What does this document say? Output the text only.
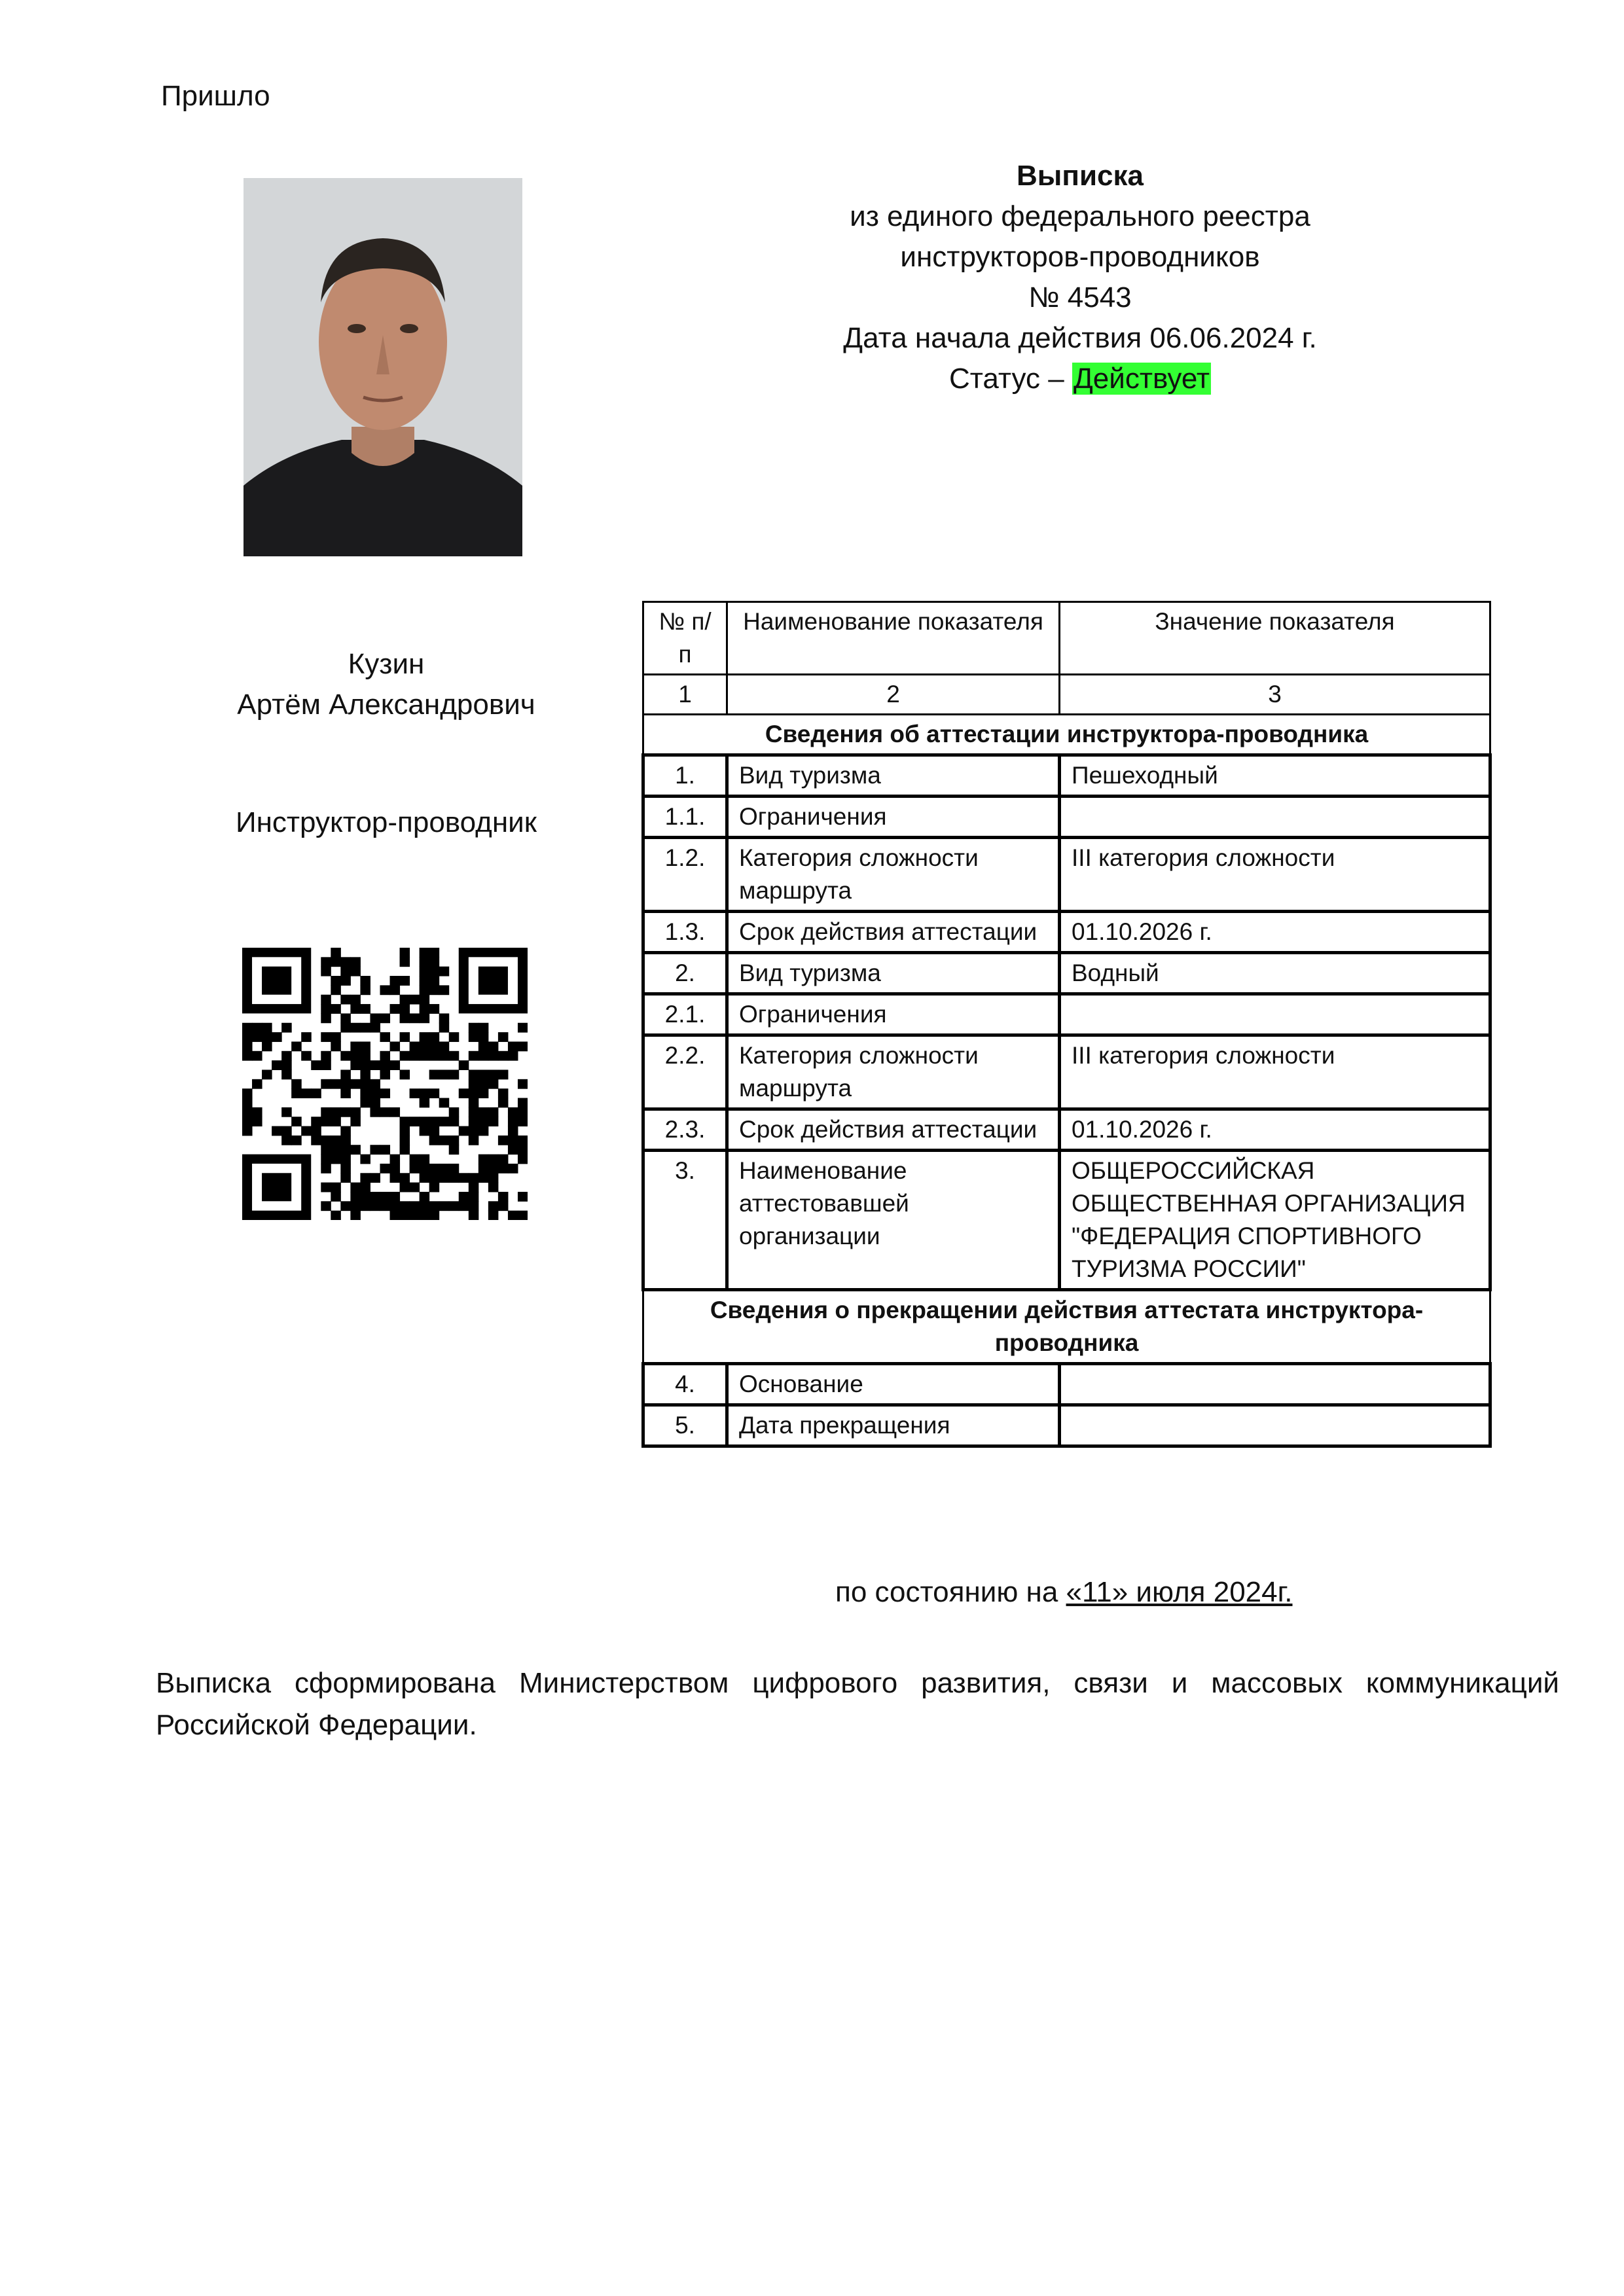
Пришло
Выписка
из единого федерального реестра
инструкторов-проводников
№ 4543
Дата начала действия 06.06.2024 г.
Статус – Действует
Кузин
Артём Александрович
Инструктор-проводник
№ п/п	Наименование показателя	Значение показателя
1	2	3
Сведения об аттестации инструктора-проводника		
1.	Вид туризма	Пешеходный
1.1.	Ограничения	
1.2.	Категория сложности маршрута	III категория сложности
1.3.	Срок действия аттестации	01.10.2026 г.
2.	Вид туризма	Водный
2.1.	Ограничения	
2.2.	Категория сложности маршрута	III категория сложности
2.3.	Срок действия аттестации	01.10.2026 г.
3.	Наименование аттестовавшей организации	ОБЩЕРОССИЙСКАЯ ОБЩЕСТВЕННАЯ ОРГАНИЗАЦИЯ "ФЕДЕРАЦИЯ СПОРТИВНОГО ТУРИЗМА РОССИИ"
Сведения о прекращении действия аттестата инструктора-проводника		
4.	Основание	
5.	Дата прекращения	
по состоянию на «11» июля 2024г.
Выписка сформирована Министерством цифрового развития, связи и массовых коммуникаций Российской Федерации.
